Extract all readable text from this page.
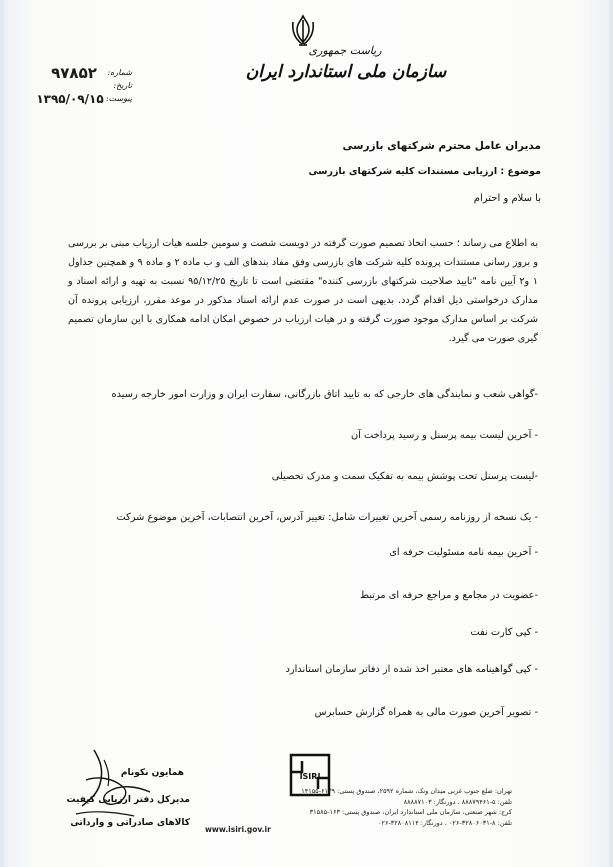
ریاست جمهوری
سازمان ملی استاندارد ایران
شماره:
تاریخ:
پیوست:
۹۷۸۵۲
۱۳۹۵/۰۹/۱۵
مدیران عامل محترم شرکتهای بازرسی
موضوع : ارزیابی مستندات کلیه شرکتهای بازرسی
با سلام و احترام
به اطلاع می رساند ؛ حسب اتخاذ تصمیم صورت گرفته در دویست شصت و سومین جلسه هیات ارزیاب مبنی بر بررسی و بروز رسانی مستندات پرونده کلیه شرکت های بازرسی وفق مفاد بندهای الف و ب ماده ۲ و ماده ۹ و همچنین جداول ۱ و۲ آیین نامه "تایید صلاحیت شرکتهای بازرسی کننده" مقتضی است تا تاریخ ۹۵/۱۲/۲۵ نسبت به تهیه و ارائه اسناد و مدارک درخواستی ذیل اقدام گردد. بدیهی است در صورت عدم ارائه اسناد مذکور در موعد مقرر، ارزیابی پرونده آن شرکت بر اساس مدارک موجود صورت گرفته و در هیات ارزیاب در خصوص امکان ادامه همکاری با این سازمان تصمیم گیری صورت می گیرد.
-گواهی شعب و نمایندگی های خارجی که به تایید اتاق بازرگانی، سفارت ایران و وزارت امور خارجه رسیده
- آخرین لیست بیمه پرسنل و رسید پرداخت آن
-لیست پرسنل تحت پوشش بیمه به تفکیک سمت و مدرک تحصیلی
- یک نسخه از روزنامه رسمی آخرین تغییرات شامل: تغییر آدرس، آخرین انتصابات، آخرین موضوع شرکت
- آخرین بیمه نامه مسئولیت حرفه ای
-عضویت در مجامع و مراجع حرفه ای مرتبط
- کپی کارت نفت
- کپی گواهینامه های معتبر اخذ شده از دفاتر سازمان استاندارد
- تصویر آخرین صورت مالی به همراه گزارش حسابرس
همایون نکونام
مدیرکل دفتر ارزیابی کیفیت
کالاهای صادراتی و وارداتی
ISIRI
تهران: ضلع جنوب غربی میدان ونک، شماره ۲۵۹۲، صندوق پستی: ۶۱۳۹-۱۴۱۵۵
تلفن: ۵-۸۸۸۷۹۴۶۱ ، دورنگار: ۸۸۸۸۷۱۰۳
کرج: شهر صنعتی، سازمان ملی استاندارد ایران، صندوق پستی: ۱۶۳-۳۱۵۸۵
تلفن: ۸-۳۲۸۰۶۰۳۱-۰۲۶ ، دورنگار: ۳۲۸۰۸۱۱۴-۰۲۶
www.isiri.gov.ir
